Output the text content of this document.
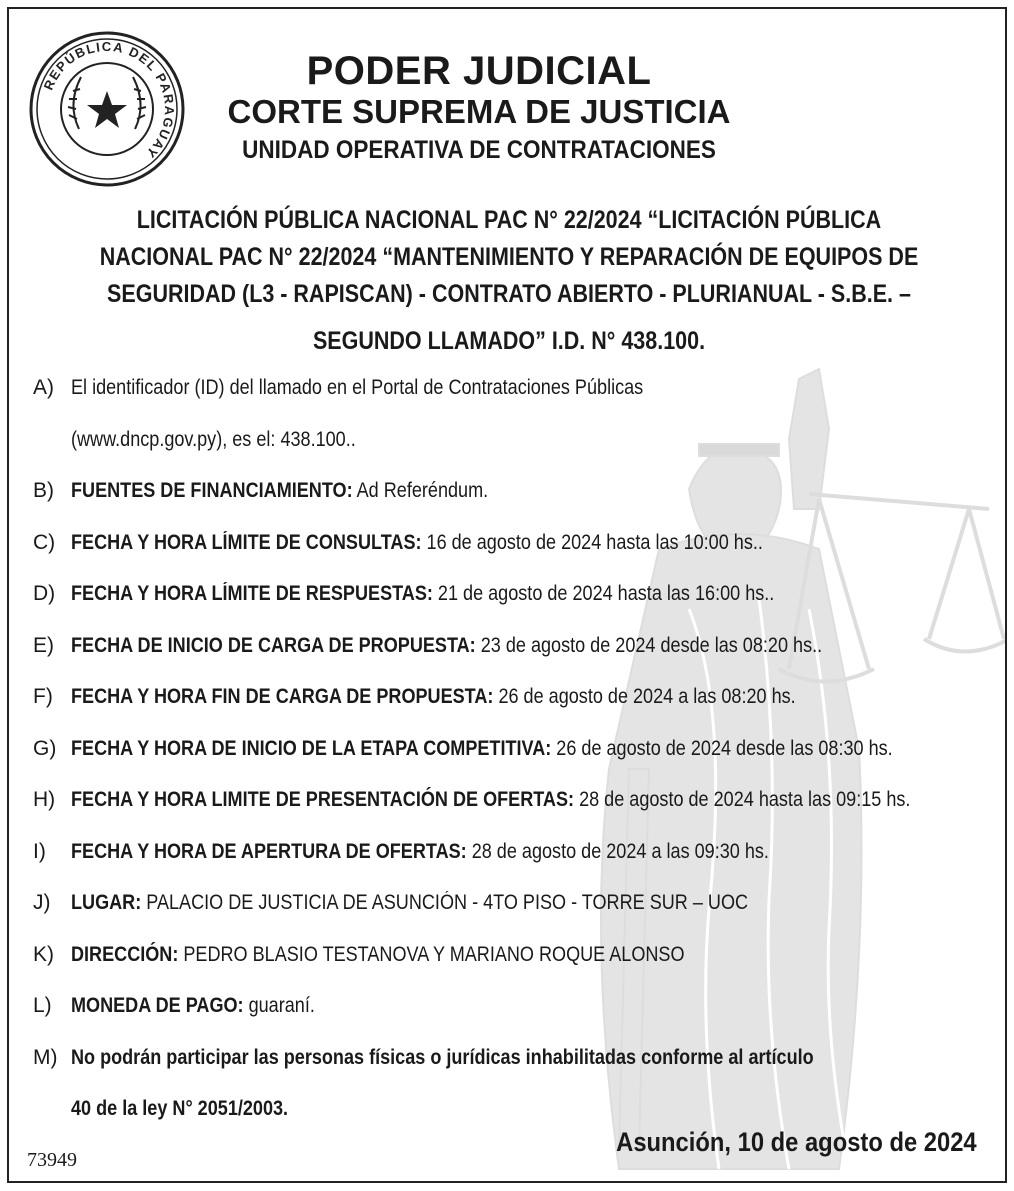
REPÚBLICA DEL PARAGUAY
PODER JUDICIAL
CORTE SUPREMA DE JUSTICIA
UNIDAD OPERATIVA DE CONTRATACIONES
LICITACIÓN PÚBLICA NACIONAL PAC N° 22/2024 “LICITACIÓN PÚBLICA
NACIONAL PAC N° 22/2024 “MANTENIMIENTO Y REPARACIÓN DE EQUIPOS DE
SEGURIDAD (L3 - RAPISCAN) - CONTRATO ABIERTO - PLURIANUAL - S.B.E. –
SEGUNDO LLAMADO” I.D. N° 438.100.
A) El identificador (ID) del llamado en el Portal de Contrataciones Públicas
(www.dncp.gov.py), es el: 438.100..
B) FUENTES DE FINANCIAMIENTO: Ad Referéndum.
C) FECHA Y HORA LÍMITE DE CONSULTAS: 16 de agosto de 2024 hasta las 10:00 hs..
D) FECHA Y HORA LÍMITE DE RESPUESTAS: 21 de agosto de 2024 hasta las 16:00 hs..
E) FECHA DE INICIO DE CARGA DE PROPUESTA: 23 de agosto de 2024 desde las 08:20 hs..
F) FECHA Y HORA FIN DE CARGA DE PROPUESTA: 26 de agosto de 2024 a las 08:20 hs.
G) FECHA Y HORA DE INICIO DE LA ETAPA COMPETITIVA: 26 de agosto de 2024 desde las 08:30 hs.
H) FECHA Y HORA LIMITE DE PRESENTACIÓN DE OFERTAS: 28 de agosto de 2024 hasta las 09:15 hs.
I)	FECHA Y HORA DE APERTURA DE OFERTAS: 28 de agosto de 2024 a las 09:30 hs.
J) LUGAR: PALACIO DE JUSTICIA DE ASUNCIÓN - 4TO PISO - TORRE SUR – UOC
K) DIRECCIÓN: PEDRO BLASIO TESTANOVA Y MARIANO ROQUE ALONSO
L) MONEDA DE PAGO: guaraní.
M) No podrán participar las personas físicas o jurídicas inhabilitadas conforme al artículo
40 de la ley N° 2051/2003.
Asunción, 10 de agosto de 2024
73949
